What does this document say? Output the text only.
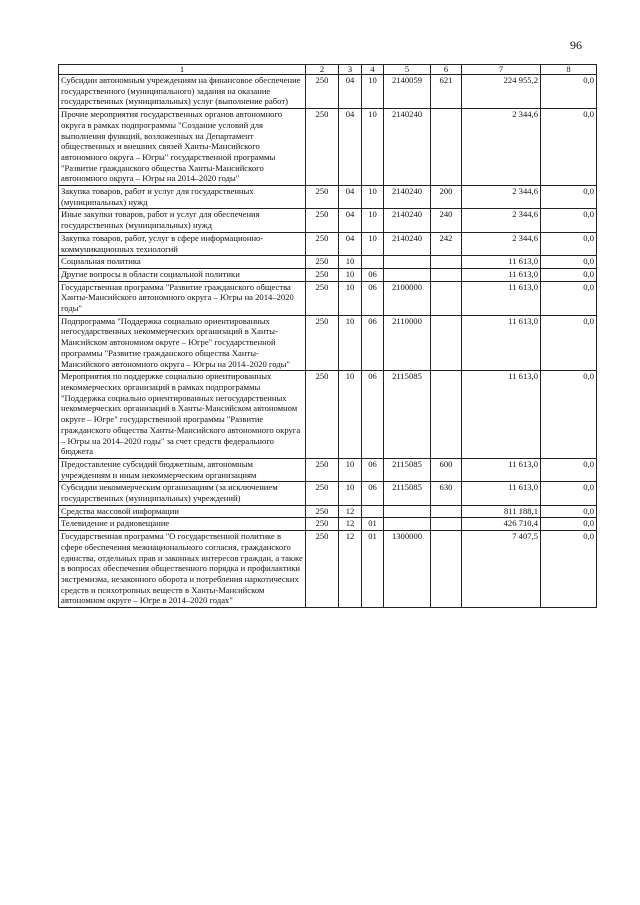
96
1	2	3	4	5	6	7	8
Субсидии автономным учреждениям на финансовое обеспечение государственного (муниципального) задания на оказание государственных (муниципальных) услуг (выполнение работ)	250	04	10	2140059	621	224 955,2	0,0
Прочие мероприятия государственных органов автономного округа в рамках подпрограммы "Создание условий для выполнения функций, возложенных на Департамент общественных и внешних связей Ханты-Мансийского автономного округа – Югры" государственной программы "Развитие гражданского общества Ханты-Мансийского автономного округа – Югры на 2014–2020 годы"	250	04	10	2140240		2 344,6	0,0
Закупка товаров, работ и услуг для государственных (муниципальных) нужд	250	04	10	2140240	200	2 344,6	0,0
Иные закупки товаров, работ и услуг для обеспечения государственных (муниципальных) нужд	250	04	10	2140240	240	2 344,6	0,0
Закупка товаров, работ, услуг в сфере информационно-коммуникационных технологий	250	04	10	2140240	242	2 344,6	0,0
Социальная политика	250	10				11 613,0	0,0
Другие вопросы в области социальной политики	250	10	06			11 613,0	0,0
Государственная программа "Развитие гражданского общества Ханты-Мансийского автономного округа – Югры на 2014–2020 годы"	250	10	06	2100000		11 613,0	0,0
Подпрограмма "Поддержка социально ориентированных негосударственных некоммерческих организаций в Ханты-Мансийском автономном округе – Югре" государственной программы "Развитие гражданского общества Ханты-Мансийского автономного округа – Югры на 2014–2020 годы"	250	10	06	2110000		11 613,0	0,0
Мероприятия по поддержке социально ориентированных некоммерческих организаций в рамках подпрограммы "Поддержка социально ориентированных негосударственных некоммерческих организаций в Ханты-Мансийском автономном округе – Югре" государственной программы "Развитие гражданского общества Ханты-Мансийского автономного округа – Югры на 2014–2020 годы" за счет средств федерального бюджета	250	10	06	2115085		11 613,0	0,0
Предоставление субсидий бюджетным, автономным учреждениям и иным некоммерческим организациям	250	10	06	2115085	600	11 613,0	0,0
Субсидии некоммерческим организациям (за исключением государственных (муниципальных) учреждений)	250	10	06	2115085	630	11 613,0	0,0
Средства массовой информации	250	12				811 188,1	0,0
Телевидение и радиовещание	250	12	01			426 710,4	0,0
Государственная программа "О государственной политике в сфере обеспечения межнационального согласия, гражданского единства, отдельных прав и законных интересов граждан, а также в вопросах обеспечения общественного порядка и профилактики экстремизма, незаконного оборота и потребления наркотических средств и психотропных веществ в Ханты-Мансийском автономном округе – Югре в 2014–2020 годах"	250	12	01	1300000		7 407,5	0,0
